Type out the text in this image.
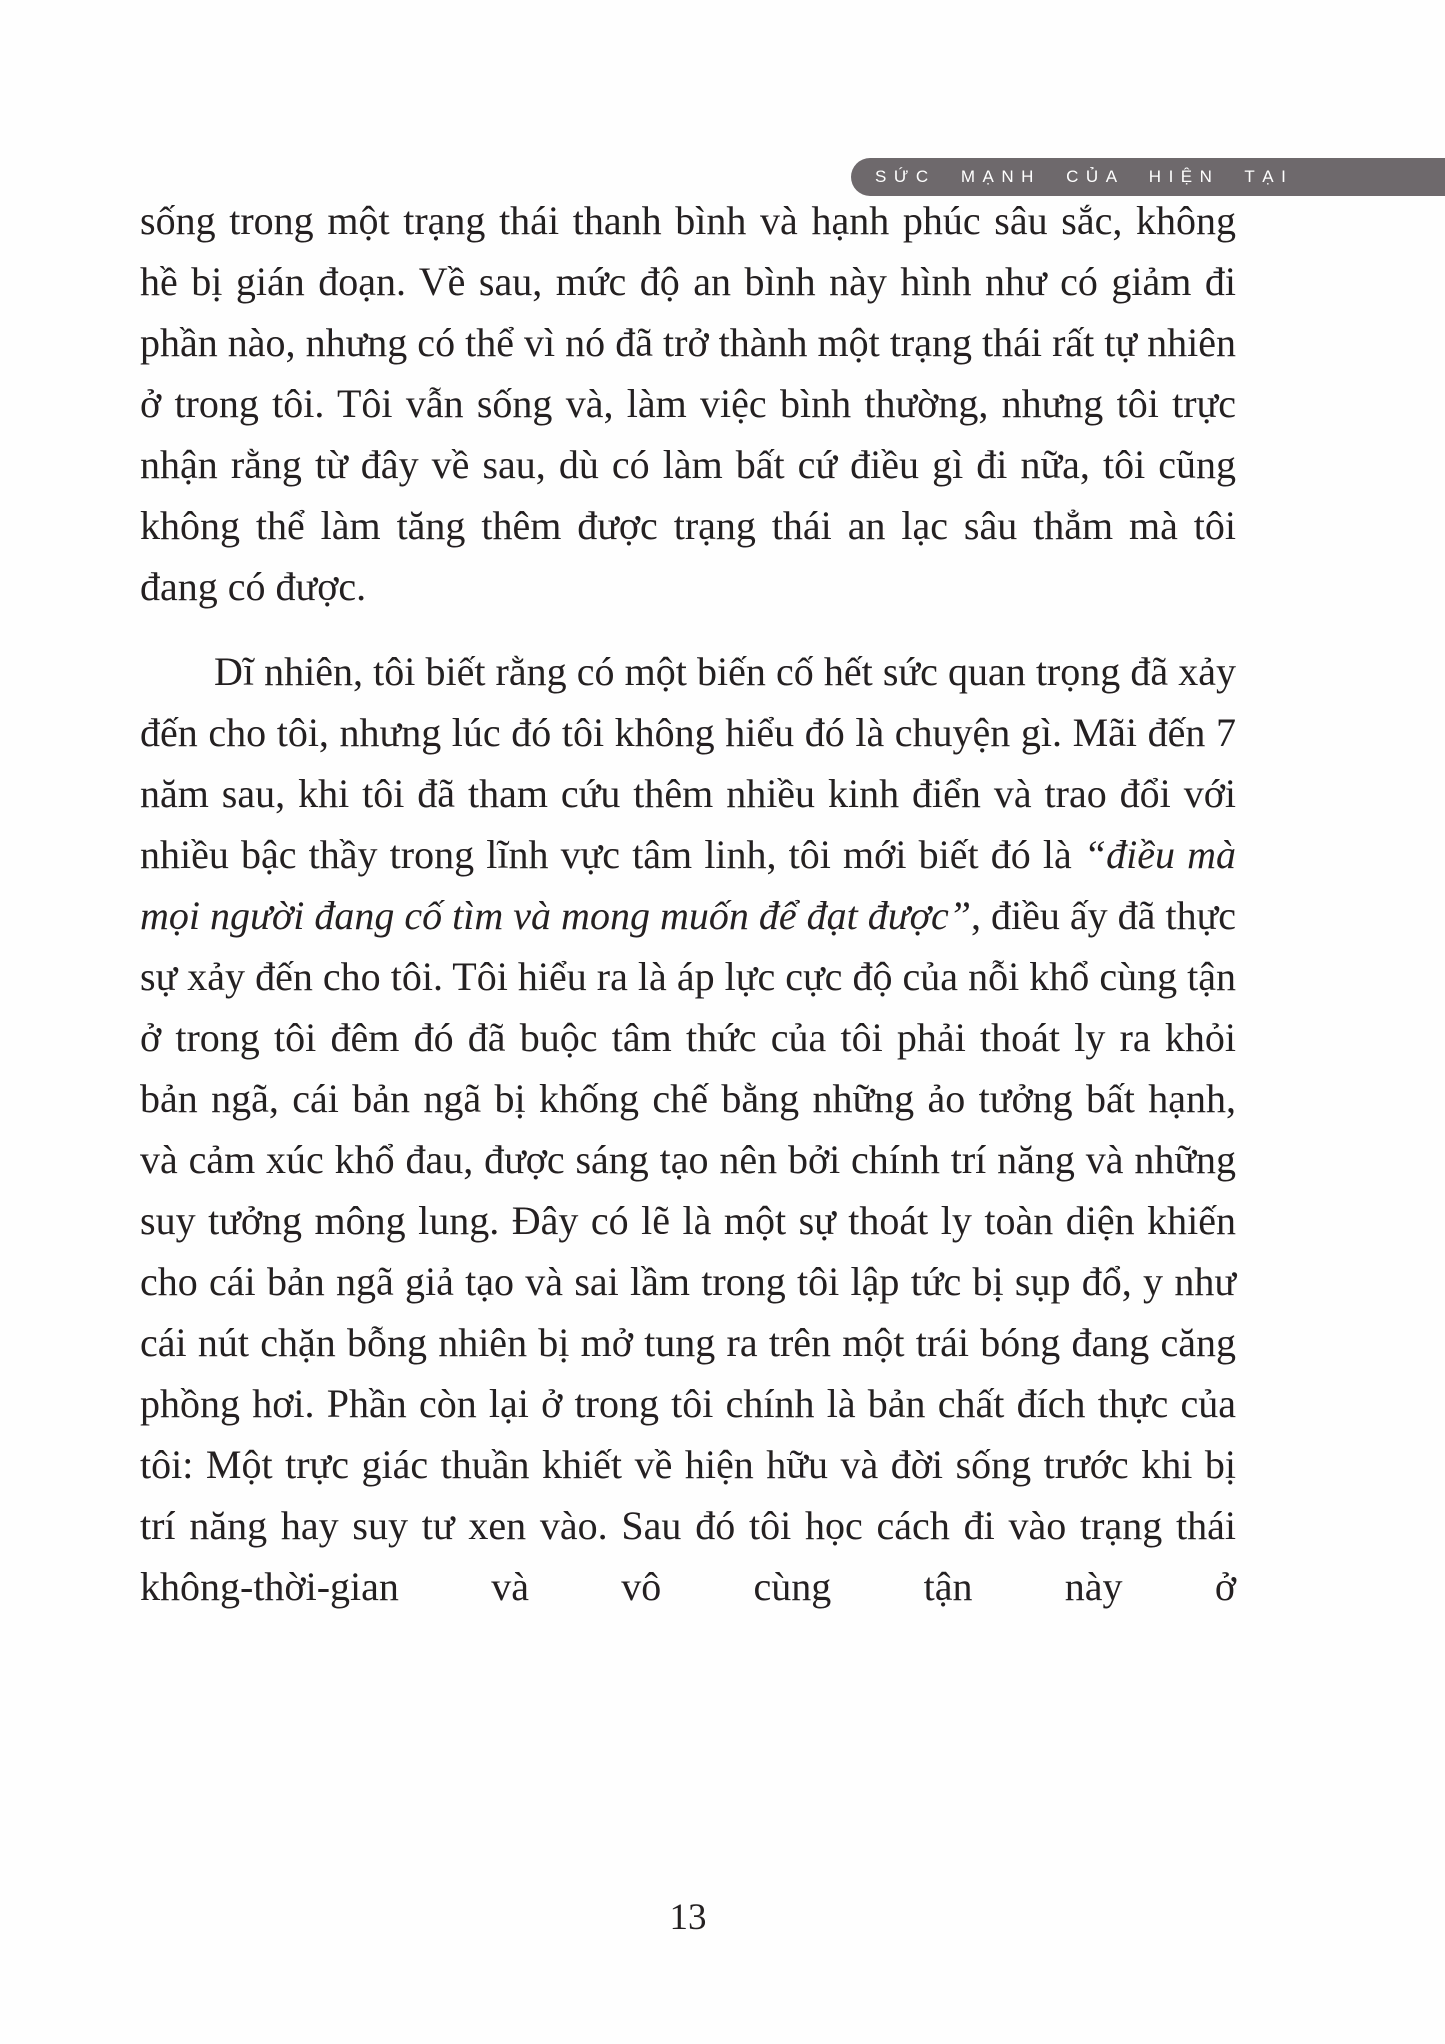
SỨC MẠNH CỦA HIỆN TẠI

sống trong một trạng thái thanh bình và hạnh phúc sâu sắc, không hề bị gián đoạn. Về sau, mức độ an bình này hình như có giảm đi phần nào, nhưng có thể vì nó đã trở thành một trạng thái rất tự nhiên ở trong tôi. Tôi vẫn sống và, làm việc bình thường, nhưng tôi trực nhận rằng từ đây về sau, dù có làm bất cứ điều gì đi nữa, tôi cũng không thể làm tăng thêm được trạng thái an lạc sâu thẳm mà tôi đang có được.

Dĩ nhiên, tôi biết rằng có một biến cố hết sức quan trọng đã xảy đến cho tôi, nhưng lúc đó tôi không hiểu đó là chuyện gì. Mãi đến 7 năm sau, khi tôi đã tham cứu thêm nhiều kinh điển và trao đổi với nhiều bậc thầy trong lĩnh vực tâm linh, tôi mới biết đó là “điều mà mọi người đang cố tìm và mong muốn để đạt được”, điều ấy đã thực sự xảy đến cho tôi. Tôi hiểu ra là áp lực cực độ của nỗi khổ cùng tận ở trong tôi đêm đó đã buộc tâm thức của tôi phải thoát ly ra khỏi bản ngã, cái bản ngã bị khống chế bằng những ảo tưởng bất hạnh, và cảm xúc khổ đau, được sáng tạo nên bởi chính trí năng và những suy tưởng mông lung. Đây có lẽ là một sự thoát ly toàn diện khiến cho cái bản ngã giả tạo và sai lầm trong tôi lập tức bị sụp đổ, y như cái nút chặn bỗng nhiên bị mở tung ra trên một trái bóng đang căng phồng hơi. Phần còn lại ở trong tôi chính là bản chất đích thực của tôi: Một trực giác thuần khiết về hiện hữu và đời sống trước khi bị trí năng hay suy tư xen vào. Sau đó tôi học cách đi vào trạng thái không-thời-gian và vô cùng tận này ở

13
